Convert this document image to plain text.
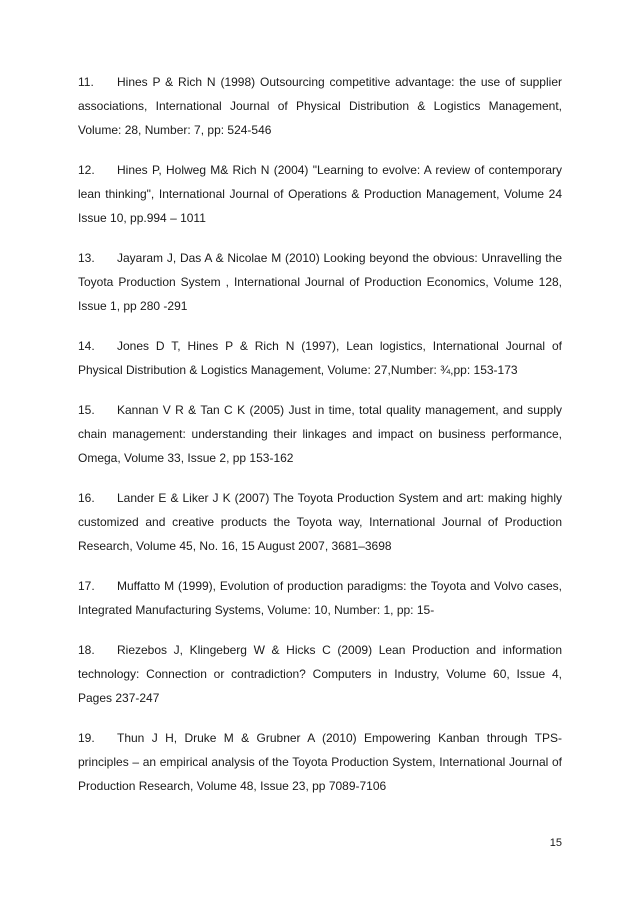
11. Hines P & Rich N (1998) Outsourcing competitive advantage: the use of supplier associations, International Journal of Physical Distribution & Logistics Management, Volume: 28, Number: 7, pp: 524-546

12. Hines P, Holweg M& Rich N (2004) "Learning to evolve: A review of contemporary lean thinking", International Journal of Operations & Production Management, Volume 24 Issue 10, pp.994 – 1011

13. Jayaram J, Das A & Nicolae M (2010) Looking beyond the obvious: Unravelling the Toyota Production System , International Journal of Production Economics, Volume 128, Issue 1, pp 280 -291

14. Jones D T, Hines P & Rich N (1997), Lean logistics, International Journal of Physical Distribution & Logistics Management, Volume: 27,Number: ¾,pp: 153-173

15. Kannan V R & Tan C K (2005) Just in time, total quality management, and supply chain management: understanding their linkages and impact on business performance, Omega, Volume 33, Issue 2, pp 153-162

16. Lander E & Liker J K (2007) The Toyota Production System and art: making highly customized and creative products the Toyota way, International Journal of Production Research, Volume 45, No. 16, 15 August 2007, 3681–3698

17. Muffatto M (1999), Evolution of production paradigms: the Toyota and Volvo cases, Integrated Manufacturing Systems, Volume: 10, Number: 1, pp: 15-

18. Riezebos J, Klingeberg W & Hicks C (2009) Lean Production and information technology: Connection or contradiction? Computers in Industry, Volume 60, Issue 4, Pages 237-247

19. Thun J H, Druke M & Grubner A (2010) Empowering Kanban through TPS-principles – an empirical analysis of the Toyota Production System, International Journal of Production Research, Volume 48, Issue 23, pp 7089-7106

15
